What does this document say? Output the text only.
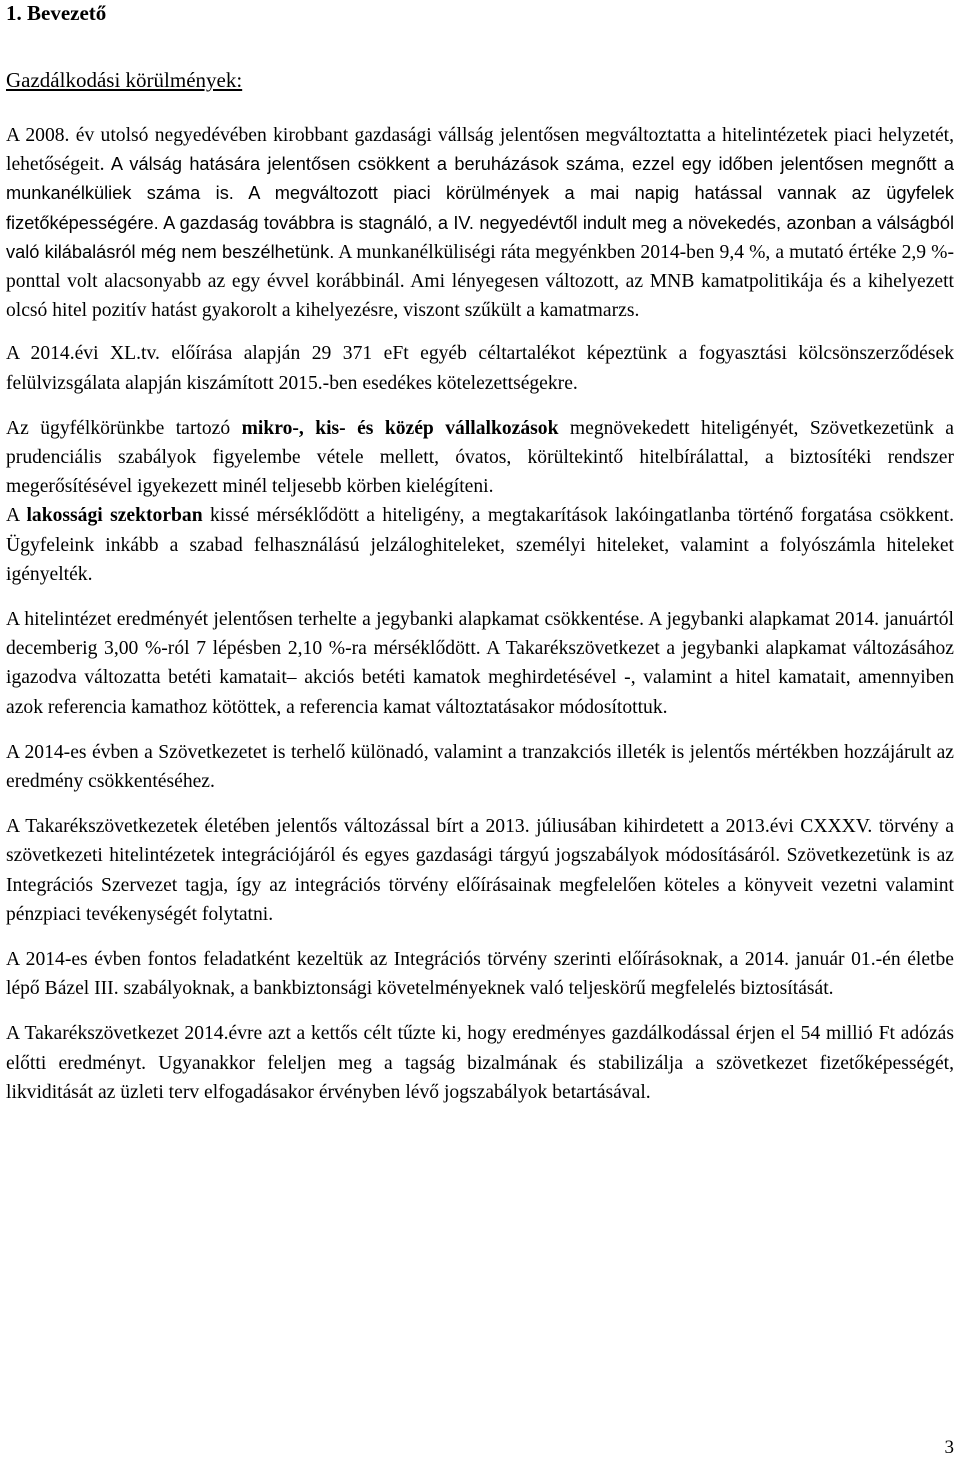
1. Bevezető
Gazdálkodási körülmények:

A 2008. év utolsó negyedévében kirobbant gazdasági vállság jelentősen megváltoztatta a hitelintézetek piaci helyzetét, lehetőségeit. A válság hatására jelentősen csökkent a beruházások száma, ezzel egy időben jelentősen megnőtt a munkanélküliek száma is. A megváltozott piaci körülmények a mai napig hatással vannak az ügyfelek fizetőképességére. A gazdaság továbbra is stagnáló, a IV. negyedévtől indult meg a növekedés, azonban a válságból való kilábalásról még nem beszélhetünk. A munkanélküliségi ráta megyénkben 2014-ben 9,4 %, a mutató értéke 2,9 %-ponttal volt alacsonyabb az egy évvel korábbinál. Ami lényegesen változott, az MNB kamatpolitikája és a kihelyezett olcsó hitel pozitív hatást gyakorolt a kihelyezésre, viszont szűkült a kamatmarzs.

A 2014.évi XL.tv. előírása alapján 29 371 eFt egyéb céltartalékot képeztünk a fogyasztási kölcsönszerződések felülvizsgálata alapján kiszámított 2015.-ben esedékes kötelezettségekre.

Az ügyfélkörünkbe tartozó mikro-, kis- és közép vállalkozások megnövekedett hiteligényét, Szövetkezetünk a prudenciális szabályok figyelembe vétele mellett, óvatos, körültekintő hitelbírálattal, a biztosítéki rendszer megerősítésével igyekezett minél teljesebb körben kielégíteni.

A lakossági szektorban kissé mérséklődött a hiteligény, a megtakarítások lakóingatlanba történő forgatása csökkent. Ügyfeleink inkább a szabad felhasználású jelzáloghiteleket, személyi hiteleket, valamint a folyószámla hiteleket igényelték.

A hitelintézet eredményét jelentősen terhelte a jegybanki alapkamat csökkentése. A jegybanki alapkamat 2014. januártól decemberig 3,00 %-ról 7 lépésben 2,10 %-ra mérséklődött. A Takarékszövetkezet a jegybanki alapkamat változásához igazodva változatta betéti kamatait– akciós betéti kamatok meghirdetésével -, valamint a hitel kamatait, amennyiben azok referencia kamathoz kötöttek, a referencia kamat változtatásakor módosítottuk.

A 2014-es évben a Szövetkezetet is terhelő különadó, valamint a tranzakciós illeték is jelentős mértékben hozzájárult az eredmény csökkentéséhez.

A Takarékszövetkezetek életében jelentős változással bírt a 2013. júliusában kihirdetett a 2013.évi CXXXV. törvény a szövetkezeti hitelintézetek integrációjáról és egyes gazdasági tárgyú jogszabályok módosításáról. Szövetkezetünk is az Integrációs Szervezet tagja, így az integrációs törvény előírásainak megfelelően köteles a könyveit vezetni valamint pénzpiaci tevékenységét folytatni.

A 2014-es évben fontos feladatként kezeltük az Integrációs törvény szerinti előírásoknak, a 2014. január 01.-én életbe lépő Bázel III. szabályoknak, a bankbiztonsági követelményeknek való teljeskörű megfelelés biztosítását.

A Takarékszövetkezet 2014.évre azt a kettős célt tűzte ki, hogy eredményes gazdálkodással érjen el 54 millió Ft adózás előtti eredményt. Ugyanakkor feleljen meg a tagság bizalmának és stabilizálja a szövetkezet fizetőképességét, likviditását az üzleti terv elfogadásakor érvényben lévő jogszabályok betartásával.

3
